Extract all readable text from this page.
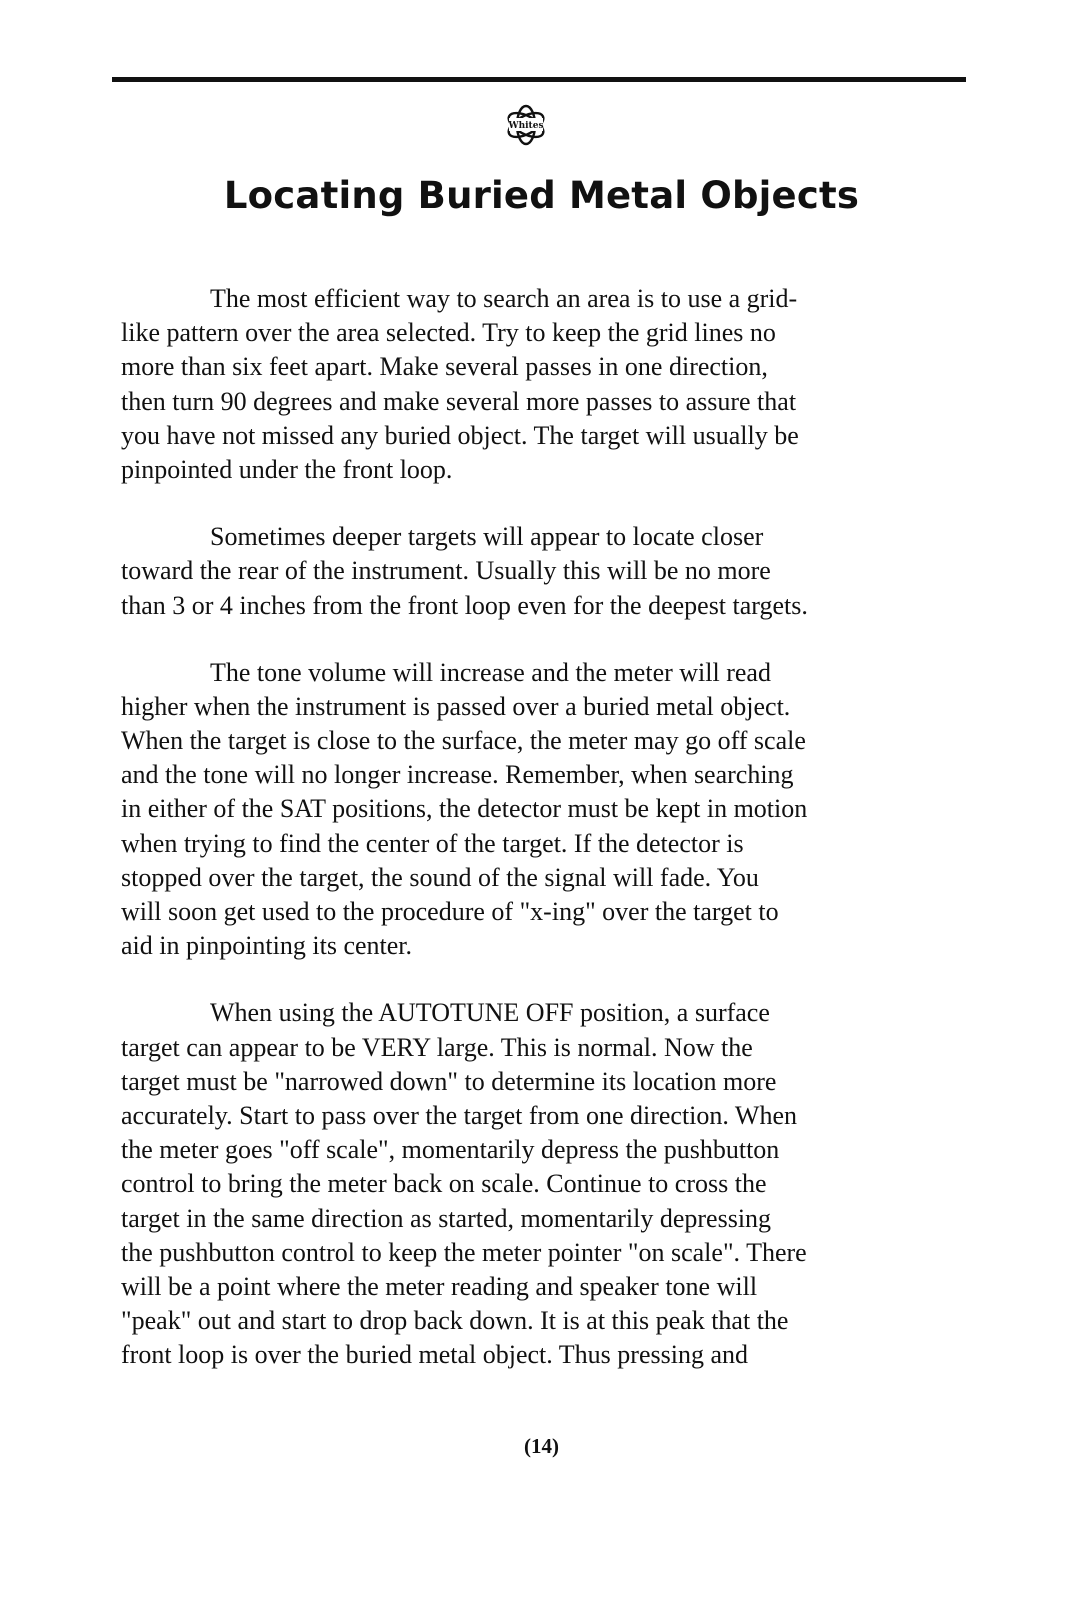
Whites
Locating Buried Metal Objects
The most efficient way to search an area is to use a grid-
like pattern over the area selected. Try to keep the grid lines no
more than six feet apart. Make several passes in one direction,
then turn 90 degrees and make several more passes to assure that
you have not missed any buried object. The target will usually be
pinpointed under the front loop.
Sometimes deeper targets will appear to locate closer
toward the rear of the instrument. Usually this will be no more
than 3 or 4 inches from the front loop even for the deepest targets.
The tone volume will increase and the meter will read
higher when the instrument is passed over a buried metal object.
When the target is close to the surface, the meter may go off scale
and the tone will no longer increase. Remember, when searching
in either of the SAT positions, the detector must be kept in motion
when trying to find the center of the target. If the detector is
stopped over the target, the sound of the signal will fade. You
will soon get used to the procedure of "x-ing" over the target to
aid in pinpointing its center.
When using the AUTOTUNE OFF position, a surface
target can appear to be VERY large. This is normal. Now the
target must be "narrowed down" to determine its location more
accurately. Start to pass over the target from one direction. When
the meter goes "off scale", momentarily depress the pushbutton
control to bring the meter back on scale. Continue to cross the
target in the same direction as started, momentarily depressing
the pushbutton control to keep the meter pointer "on scale". There
will be a point where the meter reading and speaker tone will
"peak" out and start to drop back down. It is at this peak that the
front loop is over the buried metal object. Thus pressing and
(14)
